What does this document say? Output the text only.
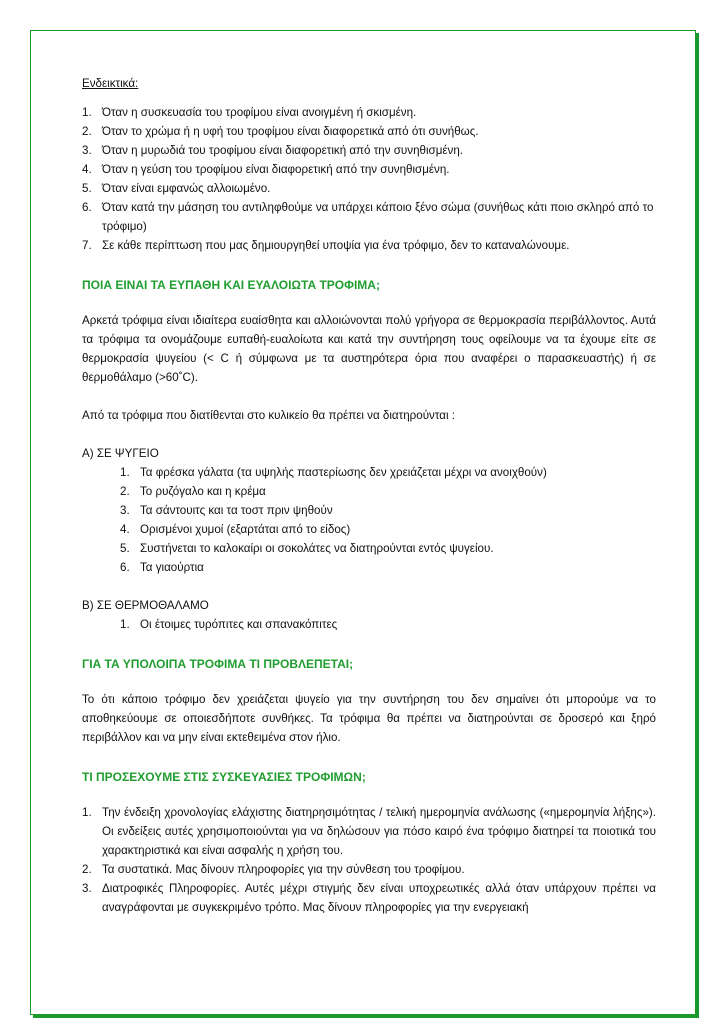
Ενδεικτικά:
1. Όταν η συσκευασία του τροφίμου είναι ανοιγμένη ή σκισμένη.
2. Όταν το χρώμα ή η υφή του τροφίμου είναι διαφορετικά από ότι συνήθως.
3. Όταν η μυρωδιά του τροφίμου είναι διαφορετική από την συνηθισμένη.
4. Όταν η γεύση του τροφίμου είναι διαφορετική από την συνηθισμένη.
5. Όταν είναι εμφανώς αλλοιωμένο.
6. Όταν κατά την μάσηση του αντιληφθούμε να υπάρχει κάποιο ξένο σώμα (συνήθως κάτι ποιο σκληρό από το τρόφιμο)
7. Σε κάθε περίπτωση που μας δημιουργηθεί υποψία για ένα τρόφιμο, δεν το καταναλώνουμε.
ΠΟΙΑ ΕΙΝΑΙ ΤΑ ΕΥΠΑΘΗ ΚΑΙ ΕΥΑΛΟΙΩΤΑ ΤΡΟΦΙΜΑ;

Αρκετά τρόφιμα είναι ιδιαίτερα ευαίσθητα και αλλοιώνονται πολύ γρήγορα σε θερμοκρασία περιβάλλοντος. Αυτά τα τρόφιμα τα ονομάζουμε ευπαθή-ευαλοίωτα και κατά την συντήρηση τους οφείλουμε να τα έχουμε είτε σε θερμοκρασία ψυγείου (< C ή σύμφωνα με τα αυστηρότερα όρια που αναφέρει ο παρασκευαστής) ή σε θερμοθάλαμο (>60˚C).

Από τα τρόφιμα που διατίθενται στο κυλικείο θα πρέπει να διατηρούνται :

Α) ΣΕ ΨΥΓΕΙΟ
1. Τα φρέσκα γάλατα (τα υψηλής παστερίωσης δεν χρειάζεται μέχρι να ανοιχθούν)
2. Το ρυζόγαλο και η κρέμα
3. Τα σάντουιτς και τα τοστ πριν ψηθούν
4. Ορισμένοι χυμοί (εξαρτάται από το είδος)
5. Συστήνεται το καλοκαίρι οι σοκολάτες να διατηρούνται εντός ψυγείου.
6. Τα γιαούρτια
Β) ΣΕ ΘΕΡΜΟΘΑΛΑΜΟ
1. Οι έτοιμες τυρόπιτες και σπανακόπιτες
ΓΙΑ ΤΑ ΥΠΟΛΟΙΠΑ ΤΡΟΦΙΜΑ ΤΙ ΠΡΟΒΛΕΠΕΤΑΙ;

Το ότι κάποιο τρόφιμο δεν χρειάζεται ψυγείο για την συντήρηση του δεν σημαίνει ότι μπορούμε να το αποθηκεύουμε σε οποιεσδήποτε συνθήκες. Τα τρόφιμα θα πρέπει να διατηρούνται σε δροσερό και ξηρό περιβάλλον και να μην είναι εκτεθειμένα στον ήλιο.

ΤΙ ΠΡΟΣΕΧΟΥΜΕ ΣΤΙΣ ΣΥΣΚΕΥΑΣΙΕΣ ΤΡΟΦΙΜΩΝ;
1. Την ένδειξη χρονολογίας ελάχιστης διατηρησιμότητας / τελική ημερομηνία ανάλωσης («ημερομηνία λήξης»). Οι ενδείξεις αυτές χρησιμοποιούνται για να δηλώσουν για πόσο καιρό ένα τρόφιμο διατηρεί τα ποιοτικά του χαρακτηριστικά και είναι ασφαλής η χρήση του.
2. Τα συστατικά. Μας δίνουν πληροφορίες για την σύνθεση του τροφίμου.
3. Διατροφικές Πληροφορίες. Αυτές μέχρι στιγμής δεν είναι υποχρεωτικές αλλά όταν υπάρχουν πρέπει να αναγράφονται με συγκεκριμένο τρόπο. Μας δίνουν πληροφορίες για την ενεργειακή
